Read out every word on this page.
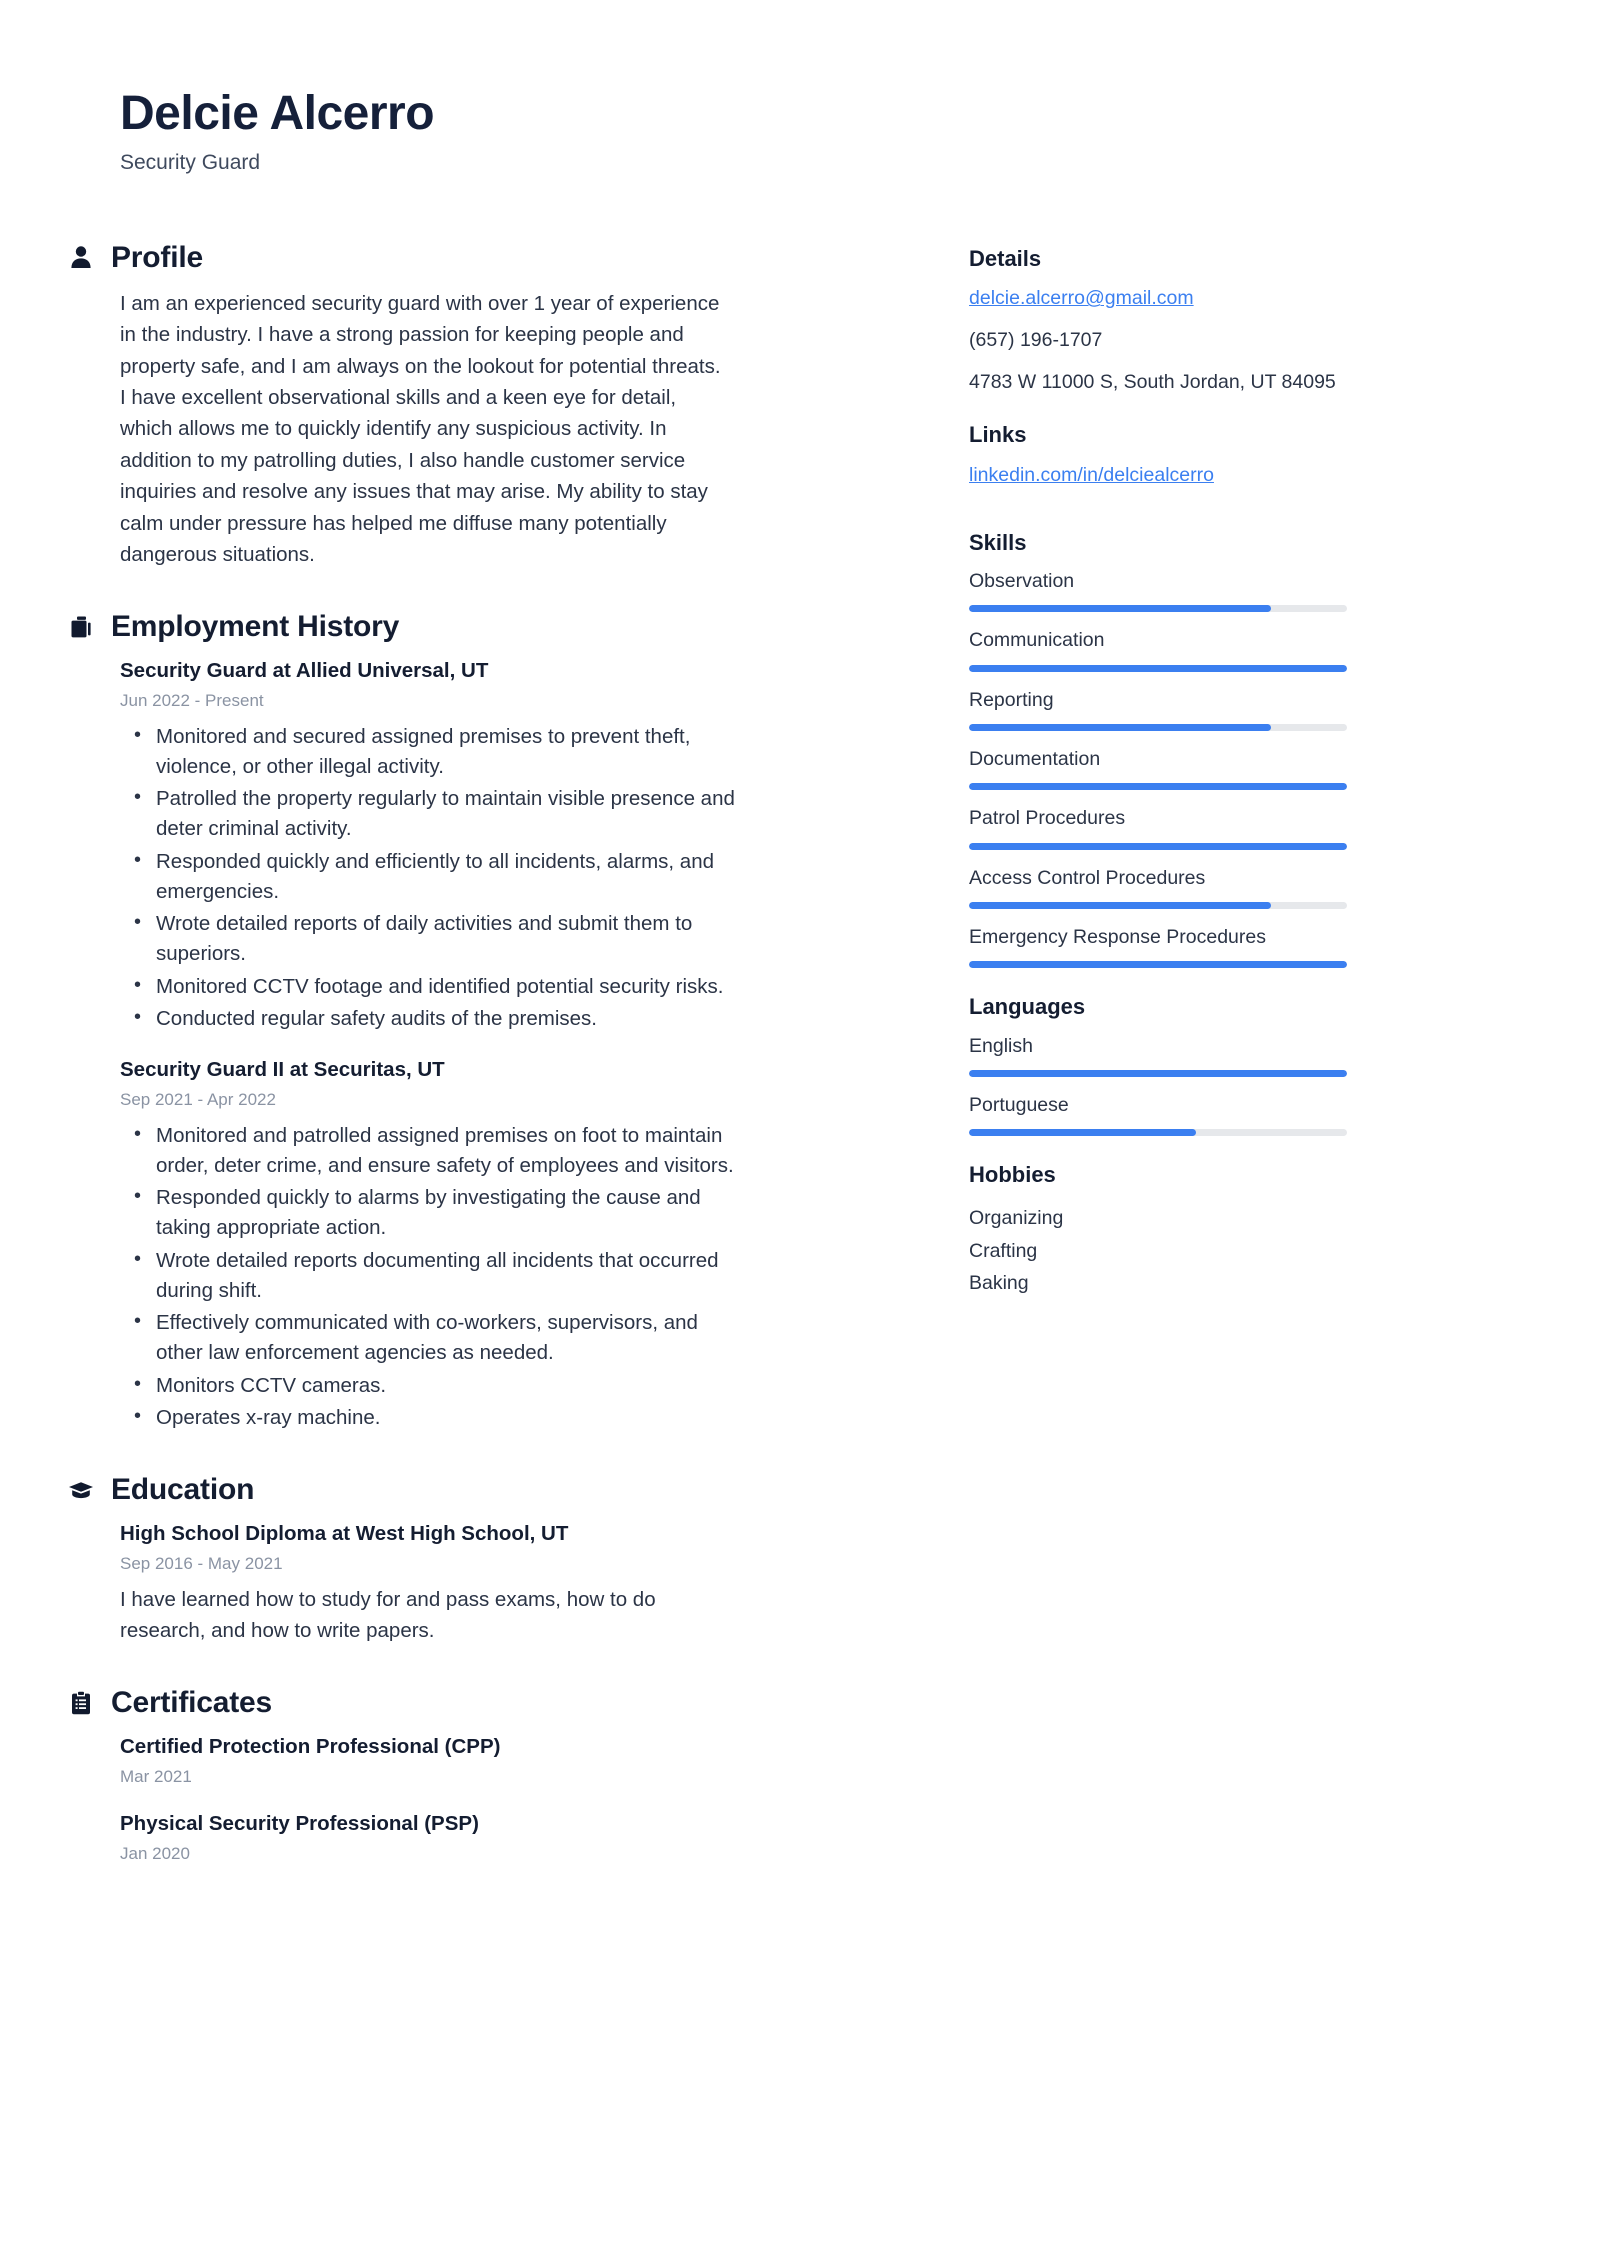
Delcie Alcerro
Security Guard
Profile

I am an experienced security guard with over 1 year of experience in the industry. I have a strong passion for keeping people and property safe, and I am always on the lookout for potential threats. I have excellent observational skills and a keen eye for detail, which allows me to quickly identify any suspicious activity. In addition to my patrolling duties, I also handle customer service inquiries and resolve any issues that may arise. My ability to stay calm under pressure has helped me diffuse many potentially dangerous situations.

Employment History
Security Guard at Allied Universal, UT
Jun 2022 - Present
• Monitored and secured assigned premises to prevent theft, violence, or other illegal activity.
• Patrolled the property regularly to maintain visible presence and deter criminal activity.
• Responded quickly and efficiently to all incidents, alarms, and emergencies.
• Wrote detailed reports of daily activities and submit them to superiors.
• Monitored CCTV footage and identified potential security risks.
• Conducted regular safety audits of the premises.
Security Guard II at Securitas, UT
Sep 2021 - Apr 2022
• Monitored and patrolled assigned premises on foot to maintain order, deter crime, and ensure safety of employees and visitors.
• Responded quickly to alarms by investigating the cause and taking appropriate action.
• Wrote detailed reports documenting all incidents that occurred during shift.
• Effectively communicated with co-workers, supervisors, and other law enforcement agencies as needed.
• Monitors CCTV cameras.
• Operates x-ray machine.
Education
High School Diploma at West High School, UT
Sep 2016 - May 2021
I have learned how to study for and pass exams, how to do research, and how to write papers.
Certificates
Certified Protection Professional (CPP)
Mar 2021
Physical Security Professional (PSP)
Jan 2020
Details
delcie.alcerro@gmail.com
(657) 196-1707
4783 W 11000 S, South Jordan, UT 84095
Links
linkedin.com/in/delciealcerro
Skills
Observation
Communication
Reporting
Documentation
Patrol Procedures
Access Control Procedures
Emergency Response Procedures
Languages
English
Portuguese
Hobbies
Organizing
Crafting
Baking
